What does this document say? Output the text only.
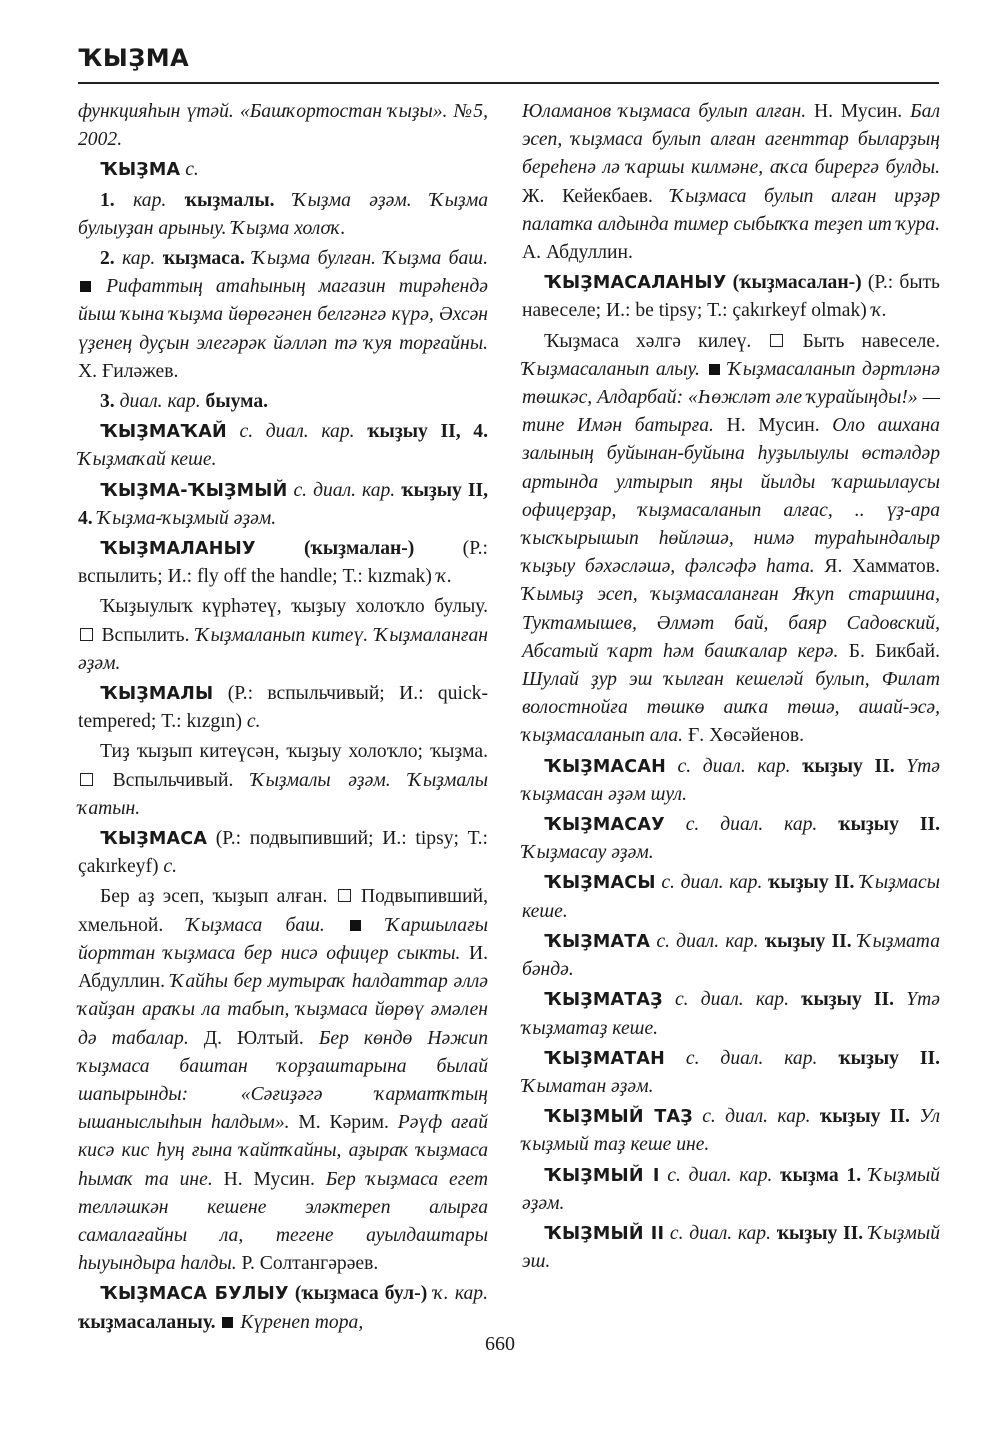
ҠЫҘМА

функцияһын үтәй. «Башҡортостан ҡыҙы». №5, 2002.

ҠЫҘМА с.

1. кар. ҡыҙмалы. Ҡыҙма әҙәм. Ҡыҙма булыуҙан арыныу. Ҡыҙма холоҡ.

2. кар. ҡыҙмаса. Ҡыҙма булған. Ҡыҙма баш.  Рифаттың атаһының магазин тирәһендә йыш ҡына ҡыҙма йөрөгәнен белгәнгә күрә, Әхсән үҙенең дуҫын элегәрәк йәлләп тә ҡуя торғайны. Х. Ғиләжев.

3. диал. кар. быума.

ҠЫҘМАҠАЙ с. диал. кар. ҡыҙыу II, 4. Ҡыҙмаҡай кеше.

ҠЫҘМА-ҠЫҘМЫЙ с. диал. кар. ҡыҙыу II, 4. Ҡыҙма-ҡыҙмый әҙәм.

ҠЫҘМАЛАНЫУ (ҡыҙмалан-) (Р.: вспылить; И.: fly off the handle; Т.: kızmak) ҡ.

Ҡыҙыулыҡ күрһәтеү, ҡыҙыу холоҡло булыу.  Вспылить. Ҡыҙмаланып китеү. Ҡыҙмаланған әҙәм.

ҠЫҘМАЛЫ (Р.: вспыльчивый; И.: quick-tempered; Т.: kızgın) с.

Тиҙ ҡыҙып китеүсән, ҡыҙыу холоҡло; ҡыҙма.  Вспыльчивый. Ҡыҙмалы әҙәм. Ҡыҙмалы ҡатын.

ҠЫҘМАСА (Р.: подвыпивший; И.: tipsy; Т.: çakırkeyf) с.

Бер аҙ эсеп, ҡыҙып алған.  Подвыпивший, хмельной. Ҡыҙмаса баш.  Ҡаршылағы йорттан ҡыҙмаса бер нисә офицер сыкты. И. Абдуллин. Ҡайһы бер мутыраҡ һалдаттар әллә ҡайҙан араҡы ла табып, ҡыҙмаса йөрөү әмәлен дә табалар. Д. Юлтый. Бер көндө Нәжип ҡыҙмаса баштан ҡорҙаштарына былай шапырынды: «Сәғиҙәгә ҡарматҡтың ышаныслыһын һалдым». М. Кәрим. Рәүф ағай кисә кис һуң ғына ҡайтҡайны, аҙыраҡ ҡыҙмаса һымаҡ та ине. Н. Мусин. Бер ҡыҙмаса егет телләшкән кешене эләктереп алырға самалағайны ла, тегене ауылдаштары һыуындыра һалды. Р. Солтангәрәев.

ҠЫҘМАСА БУЛЫУ (ҡыҙмаса бул-) ҡ. кар. ҡыҙмасаланыу.  Күренеп тора,

Юламанов ҡыҙмаса булып алған. Н. Мусин. Бал эсеп, ҡыҙмаса булып алған агенттар быларҙың береһенә лә ҡаршы килмәне, аҡса бирергә булды. Ж. Кейекбаев. Ҡыҙмаса булып алған ирҙәр палатка алдында тимер сыбыҡҡа теҙеп ит ҡура. А. Абдуллин.

ҠЫҘМАСАЛАНЫУ (ҡыҙмасалан-) (Р.: быть навеселе; И.: be tipsy; Т.: çakırkeyf olmak) ҡ.

Ҡыҙмаса хәлгә килеү.  Быть навеселе. Ҡыҙмасаланып алыу.  Ҡыҙмасаланып дәртләнә төшкәс, Алдарбай: «Һөжләт әле ҡурайыңды!» — тине Имән батырға. Н. Мусин. Оло ашхана залының буйынан-буйына һуҙылыулы өстәлдәр артында ултырып яңы йылды ҡаршылаусы офицерҙар, ҡыҙмасаланып алғас, .. үҙ-ара ҡысҡырышып һөйләшә, нимә тураһындалыр ҡыҙыу бәхәсләшә, фәлсәфә һата. Я. Хамматов. Ҡымыҙ эсеп, ҡыҙмасаланған Яҡуп старшина, Туктамышев, Әлмәт бай, баяр Садовский, Абсатый ҡарт һәм башҡалар керә. Б. Бикбай. Шулай ҙур эш ҡылған кешеләй булып, Филат волостнойға төшкө ашҡа төшә, ашай-эсә, ҡыҙмасаланып ала. Ғ. Хөсәйенов.

ҠЫҘМАСАН с. диал. кар. ҡыҙыу II. Үтә ҡыҙмасан әҙәм шул.

ҠЫҘМАСАУ с. диал. кар. ҡыҙыу II. Ҡыҙмасау әҙәм.

ҠЫҘМАСЫ с. диал. кар. ҡыҙыу II. Ҡыҙмасы кеше.

ҠЫҘМАТА с. диал. кар. ҡыҙыу II. Ҡыҙмата бәндә.

ҠЫҘМАТАҘ с. диал. кар. ҡыҙыу II. Үтә ҡыҙматаҙ кеше.

ҠЫҘМАТАН с. диал. кар. ҡыҙыу II. Ҡыматан әҙәм.

ҠЫҘМЫЙ ТАҘ с. диал. кар. ҡыҙыу II. Ул ҡыҙмый таҙ кеше ине.

ҠЫҘМЫЙ I с. диал. кар. ҡыҙма 1. Ҡыҙмый әҙәм.

ҠЫҘМЫЙ II с. диал. кар. ҡыҙыу II. Ҡыҙмый эш.

660
